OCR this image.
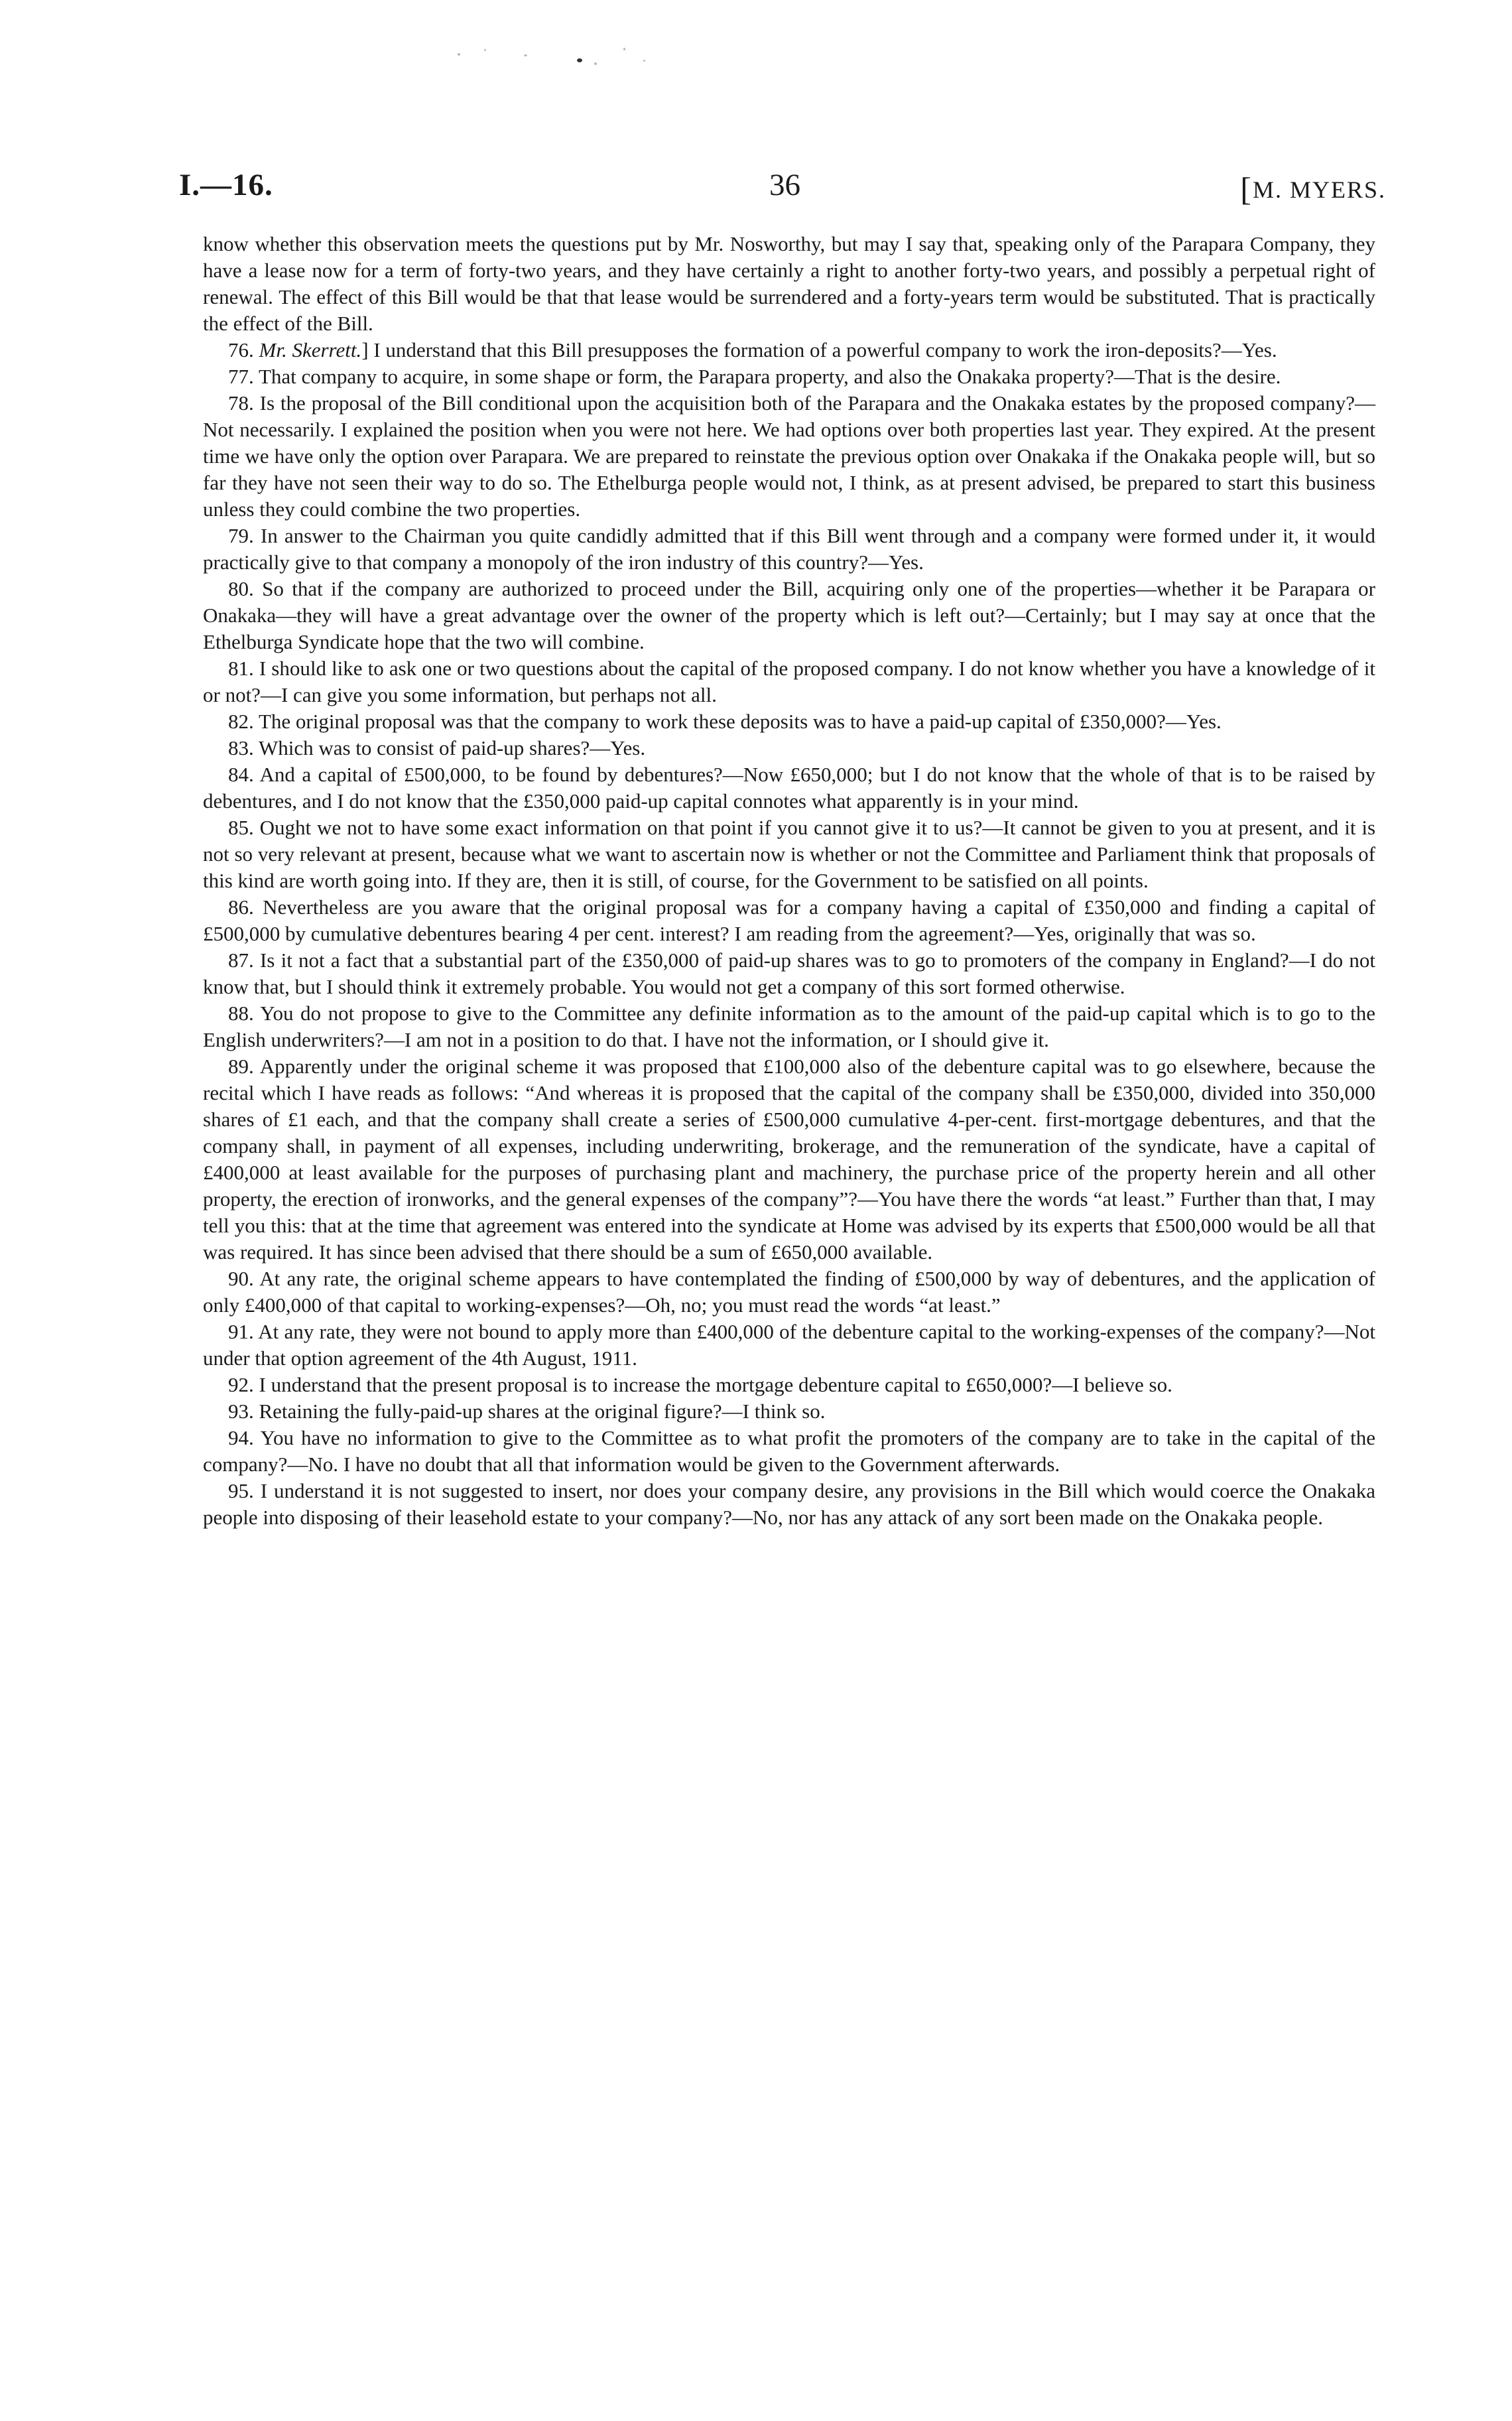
I.—16.	36	[M. MYERS.

know whether this observation meets the questions put by Mr. Nosworthy, but may I say that, speaking only of the Parapara Company, they have a lease now for a term of forty-two years, and they have certainly a right to another forty-two years, and possibly a perpetual right of renewal. The effect of this Bill would be that that lease would be surrendered and a forty-years term would be substituted. That is practically the effect of the Bill.

76. Mr. Skerrett.] I understand that this Bill presupposes the formation of a powerful company to work the iron-deposits?—Yes.

77. That company to acquire, in some shape or form, the Parapara property, and also the Onakaka property?—That is the desire.

78. Is the proposal of the Bill conditional upon the acquisition both of the Parapara and the Onakaka estates by the proposed company?—Not necessarily. I explained the position when you were not here. We had options over both properties last year. They expired. At the present time we have only the option over Parapara. We are prepared to reinstate the previous option over Onakaka if the Onakaka people will, but so far they have not seen their way to do so. The Ethelburga people would not, I think, as at present advised, be prepared to start this business unless they could combine the two properties.

79. In answer to the Chairman you quite candidly admitted that if this Bill went through and a company were formed under it, it would practically give to that company a monopoly of the iron industry of this country?—Yes.

80. So that if the company are authorized to proceed under the Bill, acquiring only one of the properties—whether it be Parapara or Onakaka—they will have a great advantage over the owner of the property which is left out?—Certainly; but I may say at once that the Ethelburga Syndicate hope that the two will combine.

81. I should like to ask one or two questions about the capital of the proposed company. I do not know whether you have a knowledge of it or not?—I can give you some information, but perhaps not all.

82. The original proposal was that the company to work these deposits was to have a paid-up capital of £350,000?—Yes.

83. Which was to consist of paid-up shares?—Yes.

84. And a capital of £500,000, to be found by debentures?—Now £650,000; but I do not know that the whole of that is to be raised by debentures, and I do not know that the £350,000 paid-up capital connotes what apparently is in your mind.

85. Ought we not to have some exact information on that point if you cannot give it to us?—It cannot be given to you at present, and it is not so very relevant at present, because what we want to ascertain now is whether or not the Committee and Parliament think that proposals of this kind are worth going into. If they are, then it is still, of course, for the Government to be satisfied on all points.

86. Nevertheless are you aware that the original proposal was for a company having a capital of £350,000 and finding a capital of £500,000 by cumulative debentures bearing 4 per cent. interest? I am reading from the agreement?—Yes, originally that was so.

87. Is it not a fact that a substantial part of the £350,000 of paid-up shares was to go to promoters of the company in England?—I do not know that, but I should think it extremely probable. You would not get a company of this sort formed otherwise.

88. You do not propose to give to the Committee any definite information as to the amount of the paid-up capital which is to go to the English underwriters?—I am not in a position to do that. I have not the information, or I should give it.

89. Apparently under the original scheme it was proposed that £100,000 also of the debenture capital was to go elsewhere, because the recital which I have reads as follows: “And whereas it is proposed that the capital of the company shall be £350,000, divided into 350,000 shares of £1 each, and that the company shall create a series of £500,000 cumulative 4-per-cent. first-mortgage debentures, and that the company shall, in payment of all expenses, including underwriting, brokerage, and the remuneration of the syndicate, have a capital of £400,000 at least available for the purposes of purchasing plant and machinery, the purchase price of the property herein and all other property, the erection of ironworks, and the general expenses of the company”?—You have there the words “at least.” Further than that, I may tell you this: that at the time that agreement was entered into the syndicate at Home was advised by its experts that £500,000 would be all that was required. It has since been advised that there should be a sum of £650,000 available.

90. At any rate, the original scheme appears to have contemplated the finding of £500,000 by way of debentures, and the application of only £400,000 of that capital to working-expenses?—Oh, no; you must read the words “at least.”

91. At any rate, they were not bound to apply more than £400,000 of the debenture capital to the working-expenses of the company?—Not under that option agreement of the 4th August, 1911.

92. I understand that the present proposal is to increase the mortgage debenture capital to £650,000?—I believe so.

93. Retaining the fully-paid-up shares at the original figure?—I think so.

94. You have no information to give to the Committee as to what profit the promoters of the company are to take in the capital of the company?—No. I have no doubt that all that information would be given to the Government afterwards.

95. I understand it is not suggested to insert, nor does your company desire, any provisions in the Bill which would coerce the Onakaka people into disposing of their leasehold estate to your company?—No, nor has any attack of any sort been made on the Onakaka people.
